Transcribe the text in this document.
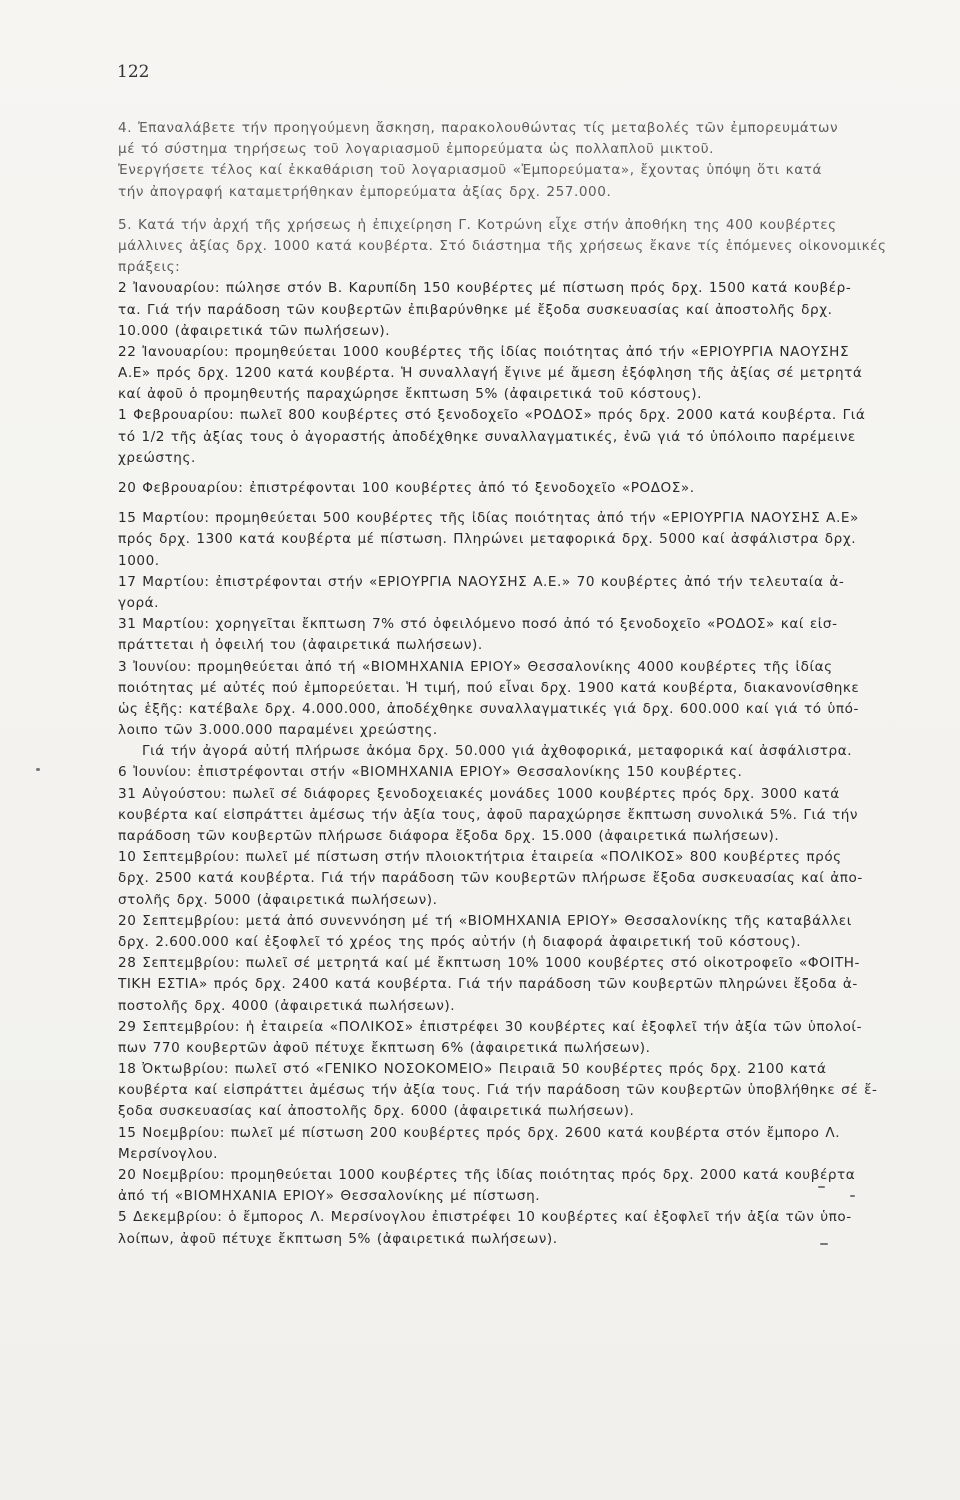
122
4. Ἐπαναλάβετε τήν προηγούμενη ἄσκηση, παρακολουθώντας τίς μεταβολές τῶν ἐμπορευμάτων
μέ τό σύστημα τηρήσεως τοῦ λογαριασμοῦ ἐμπορεύματα ὡς πολλαπλοῦ μικτοῦ.
Ἐνεργήσετε τέλος καί ἐκκαθάριση τοῦ λογαριασμοῦ «Ἐμπορεύματα», ἔχοντας ὑπόψη ὅτι κατά
τήν ἀπογραφή καταμετρήθηκαν ἐμπορεύματα ἀξίας δρχ. 257.000.
5. Κατά τήν ἀρχή τῆς χρήσεως ἡ ἐπιχείρηση Γ. Κοτρώνη εἶχε στήν ἀποθήκη της 400 κουβέρτες
μάλλινες ἀξίας δρχ. 1000 κατά κουβέρτα. Στό διάστημα τῆς χρήσεως ἔκανε τίς ἑπόμενες οἰκονομικές
πράξεις:
2 Ἰανουαρίου: πώλησε στόν Β. Καρυπίδη 150 κουβέρτες μέ πίστωση πρός δρχ. 1500 κατά κουβέρ-
τα. Γιά τήν παράδοση τῶν κουβερτῶν ἐπιβαρύνθηκε μέ ἔξοδα συσκευασίας καί ἀποστολῆς δρχ.
10.000 (ἀφαιρετικά τῶν πωλήσεων).
22 Ἰανουαρίου: προμηθεύεται 1000 κουβέρτες τῆς ἰδίας ποιότητας ἀπό τήν «ΕΡΙΟΥΡΓΙΑ ΝΑΟΥΣΗΣ
Α.Ε» πρός δρχ. 1200 κατά κουβέρτα. Ἡ συναλλαγή ἔγινε μέ ἄμεση ἐξόφληση τῆς ἀξίας σέ μετρητά
καί ἀφοῦ ὁ προμηθευτής παραχώρησε ἔκπτωση 5% (ἀφαιρετικά τοῦ κόστους).
1 Φεβρουαρίου: πωλεῖ 800 κουβέρτες στό ξενοδοχεῖο «ΡΟΔΟΣ» πρός δρχ. 2000 κατά κουβέρτα. Γιά
τό 1/2 τῆς ἀξίας τους ὁ ἀγοραστής ἀποδέχθηκε συναλλαγματικές, ἐνῶ γιά τό ὑπόλοιπο παρέμεινε
χρεώστης.
20 Φεβρουαρίου: ἐπιστρέφονται 100 κουβέρτες ἀπό τό ξενοδοχεῖο «ΡΟΔΟΣ».
15 Μαρτίου: προμηθεύεται 500 κουβέρτες τῆς ἰδίας ποιότητας ἀπό τήν «ΕΡΙΟΥΡΓΙΑ ΝΑΟΥΣΗΣ Α.Ε»
πρός δρχ. 1300 κατά κουβέρτα μέ πίστωση. Πληρώνει μεταφορικά δρχ. 5000 καί ἀσφάλιστρα δρχ.
1000.
17 Μαρτίου: ἐπιστρέφονται στήν «ΕΡΙΟΥΡΓΙΑ ΝΑΟΥΣΗΣ Α.Ε.» 70 κουβέρτες ἀπό τήν τελευταία ἀ-
γορά.
31 Μαρτίου: χορηγεῖται ἔκπτωση 7% στό ὀφειλόμενο ποσό ἀπό τό ξενοδοχεῖο «ΡΟΔΟΣ» καί εἰσ-
πράττεται ἡ ὀφειλή του (ἀφαιρετικά πωλήσεων).
3 Ἰουνίου: προμηθεύεται ἀπό τή «ΒΙΟΜΗΧΑΝΙΑ ΕΡΙΟΥ» Θεσσαλονίκης 4000 κουβέρτες τῆς ἰδίας
ποιότητας μέ αὐτές πού ἐμπορεύεται. Ἡ τιμή, πού εἶναι δρχ. 1900 κατά κουβέρτα, διακανονίσθηκε
ὡς ἑξῆς: κατέβαλε δρχ. 4.000.000, ἀποδέχθηκε συναλλαγματικές γιά δρχ. 600.000 καί γιά τό ὑπό-
λοιπο τῶν 3.000.000 παραμένει χρεώστης.
Γιά τήν ἀγορά αὐτή πλήρωσε ἀκόμα δρχ. 50.000 γιά ἀχθοφορικά, μεταφορικά καί ἀσφάλιστρα.
6 Ἰουνίου: ἐπιστρέφονται στήν «ΒΙΟΜΗΧΑΝΙΑ ΕΡΙΟΥ» Θεσσαλονίκης 150 κουβέρτες.
31 Αὐγούστου: πωλεῖ σέ διάφορες ξενοδοχειακές μονάδες 1000 κουβέρτες πρός δρχ. 3000 κατά
κουβέρτα καί εἰσπράττει ἀμέσως τήν ἀξία τους, ἀφοῦ παραχώρησε ἔκπτωση συνολικά 5%. Γιά τήν
παράδοση τῶν κουβερτῶν πλήρωσε διάφορα ἔξοδα δρχ. 15.000 (ἀφαιρετικά πωλήσεων).
10 Σεπτεμβρίου: πωλεῖ μέ πίστωση στήν πλοιοκτήτρια ἑταιρεία «ΠΟΛΙΚΟΣ» 800 κουβέρτες πρός
δρχ. 2500 κατά κουβέρτα. Γιά τήν παράδοση τῶν κουβερτῶν πλήρωσε ἔξοδα συσκευασίας καί ἀπο-
στολῆς δρχ. 5000 (ἀφαιρετικά πωλήσεων).
20 Σεπτεμβρίου: μετά ἀπό συνεννόηση μέ τή «ΒΙΟΜΗΧΑΝΙΑ ΕΡΙΟΥ» Θεσσαλονίκης τῆς καταβάλλει
δρχ. 2.600.000 καί ἐξοφλεῖ τό χρέος της πρός αὐτήν (ἡ διαφορά ἀφαιρετική τοῦ κόστους).
28 Σεπτεμβρίου: πωλεῖ σέ μετρητά καί μέ ἔκπτωση 10% 1000 κουβέρτες στό οἰκοτροφεῖο «ΦΟΙΤΗ-
ΤΙΚΗ ΕΣΤΙΑ» πρός δρχ. 2400 κατά κουβέρτα. Γιά τήν παράδοση τῶν κουβερτῶν πληρώνει ἔξοδα ἀ-
ποστολῆς δρχ. 4000 (ἀφαιρετικά πωλήσεων).
29 Σεπτεμβρίου: ἡ ἑταιρεία «ΠΟΛΙΚΟΣ» ἐπιστρέφει 30 κουβέρτες καί ἐξοφλεῖ τήν ἀξία τῶν ὑπολοί-
πων 770 κουβερτῶν ἀφοῦ πέτυχε ἔκπτωση 6% (ἀφαιρετικά πωλήσεων).
18 Ὀκτωβρίου: πωλεῖ στό «ΓΕΝΙΚΟ ΝΟΣΟΚΟΜΕΙΟ» Πειραιᾶ 50 κουβέρτες πρός δρχ. 2100 κατά
κουβέρτα καί εἰσπράττει ἀμέσως τήν ἀξία τους. Γιά τήν παράδοση τῶν κουβερτῶν ὑποβλήθηκε σέ ἔ-
ξοδα συσκευασίας καί ἀποστολῆς δρχ. 6000 (ἀφαιρετικά πωλήσεων).
15 Νοεμβρίου: πωλεῖ μέ πίστωση 200 κουβέρτες πρός δρχ. 2600 κατά κουβέρτα στόν ἔμπορο Λ.
Μερσίνογλου.
20 Νοεμβρίου: προμηθεύεται 1000 κουβέρτες τῆς ἰδίας ποιότητας πρός δρχ. 2000 κατά κουβέρτα
ἀπό τή «ΒΙΟΜΗΧΑΝΙΑ ΕΡΙΟΥ» Θεσσαλονίκης μέ πίστωση.
5 Δεκεμβρίου: ὁ ἔμπορος Λ. Μερσίνογλου ἐπιστρέφει 10 κουβέρτες καί ἐξοφλεῖ τήν ἀξία τῶν ὑπο-
λοίπων, ἀφοῦ πέτυχε ἔκπτωση 5% (ἀφαιρετικά πωλήσεων).
